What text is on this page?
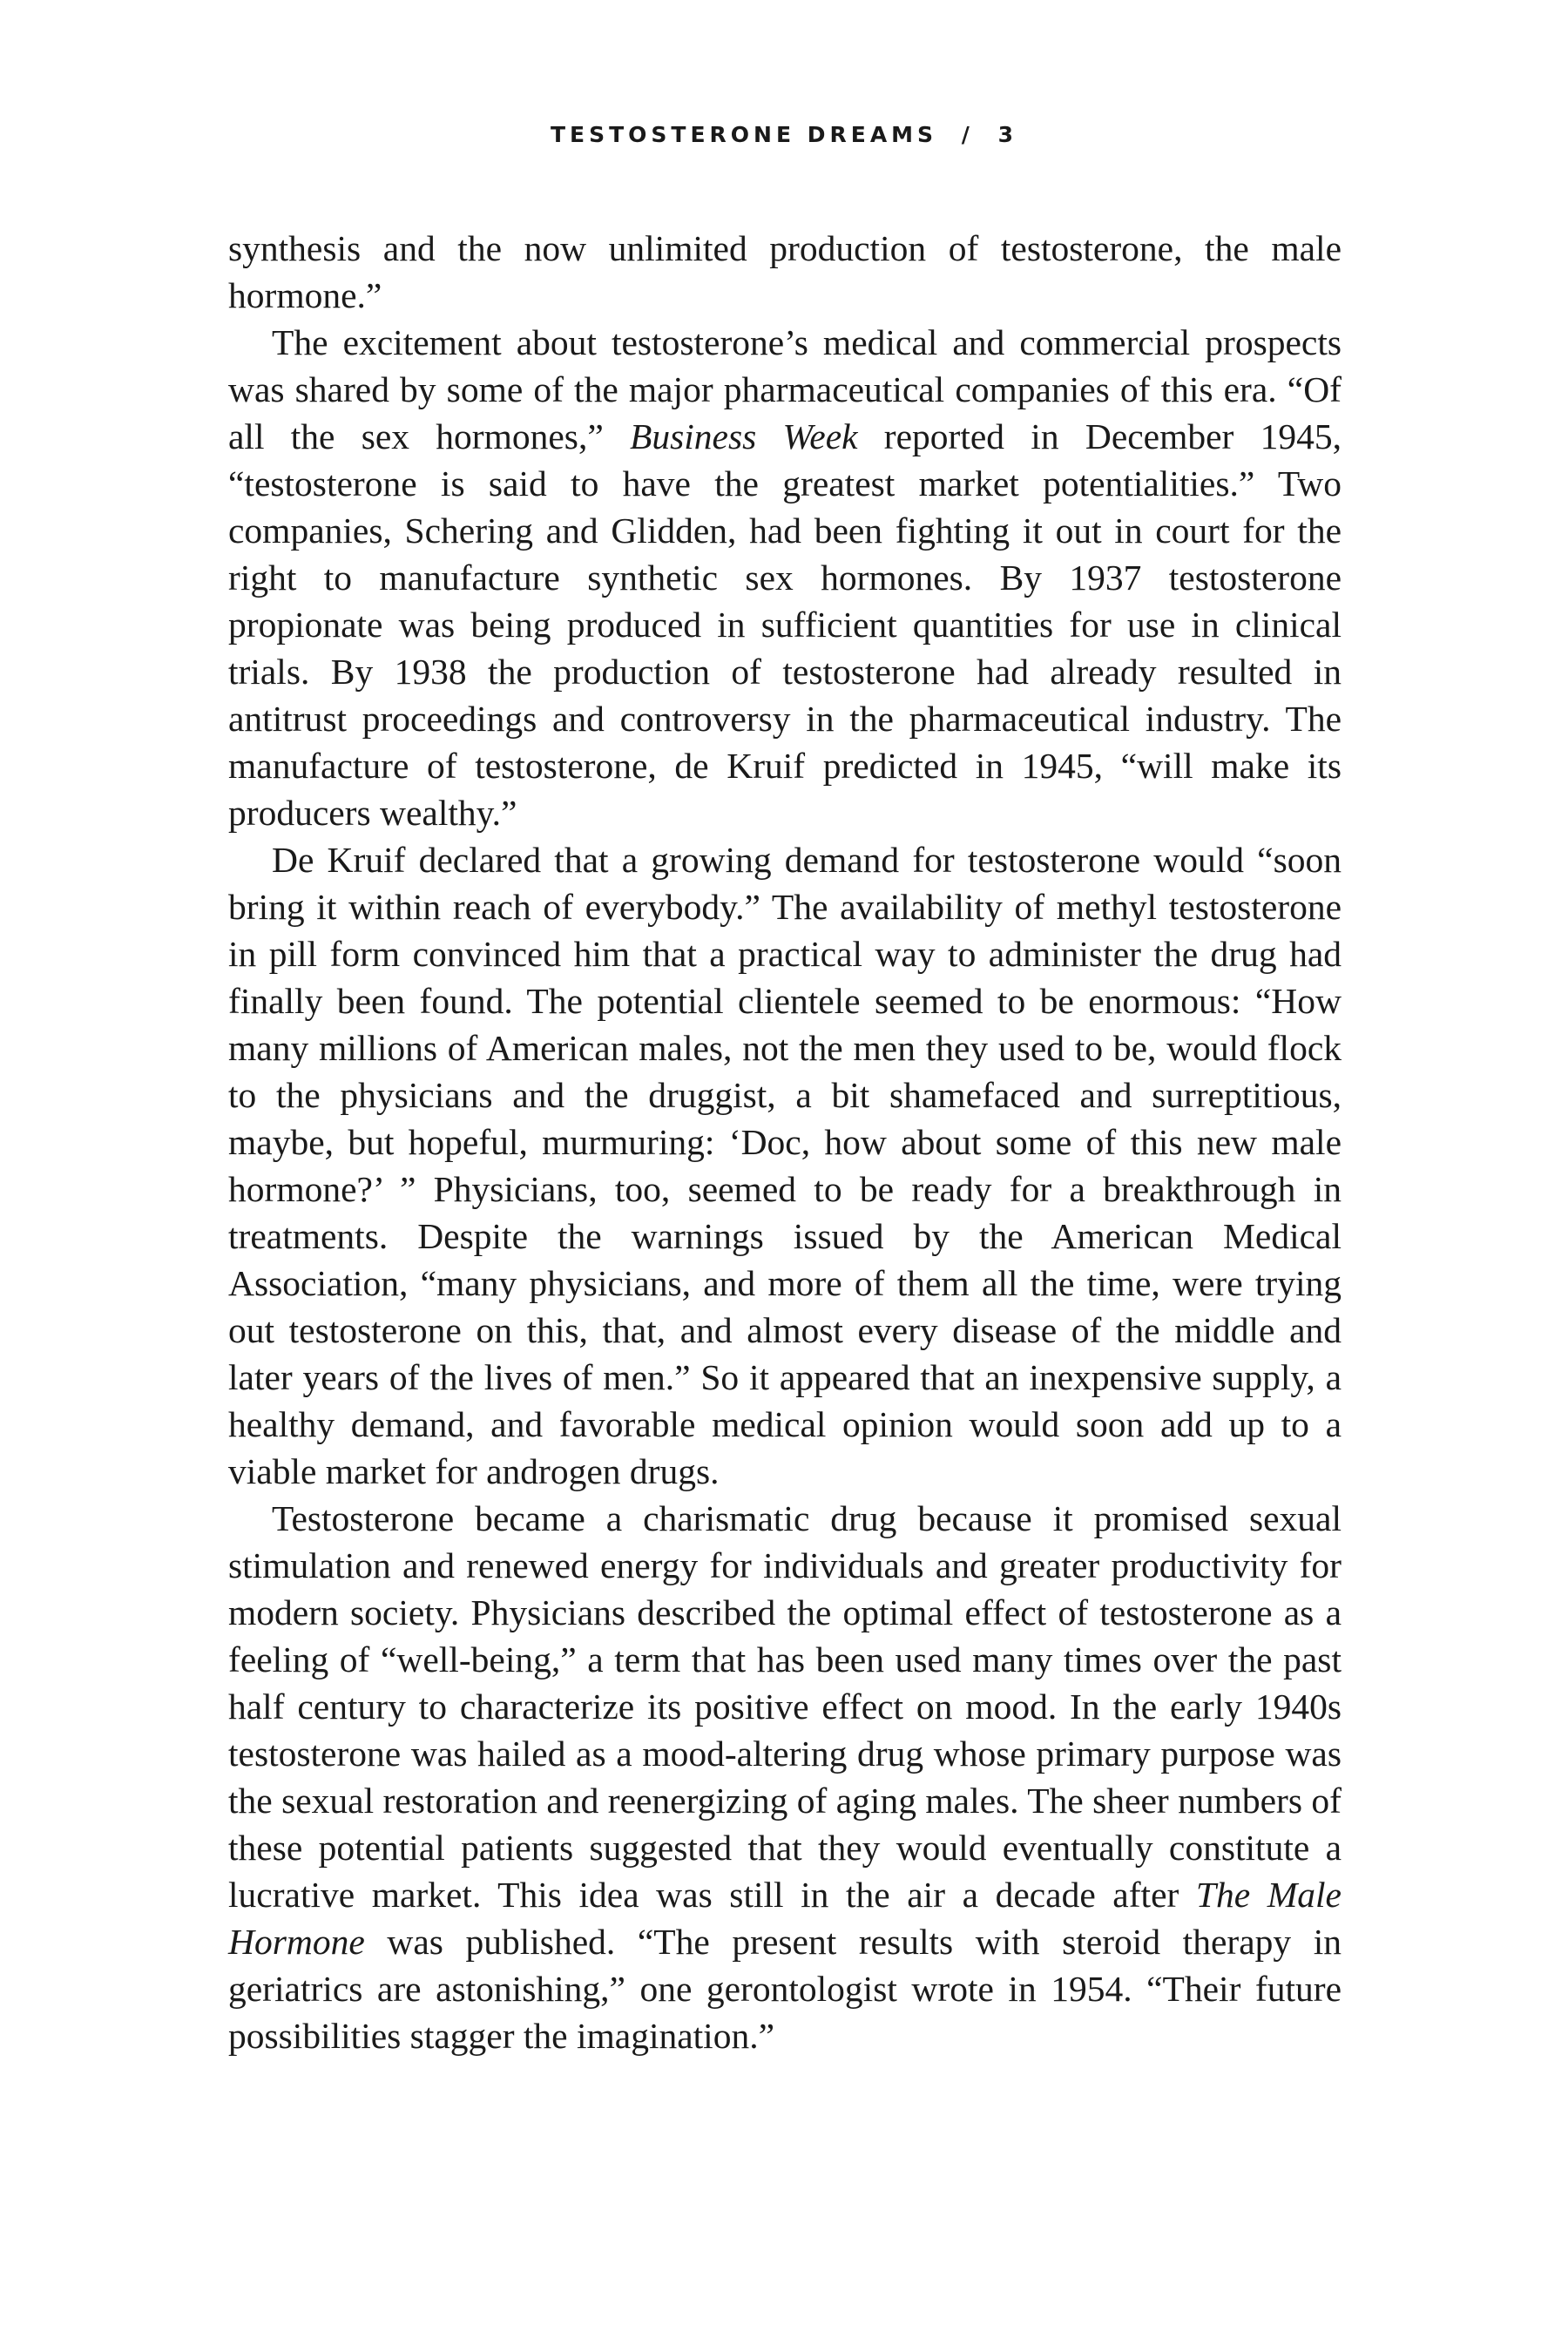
TESTOSTERONE DREAMS / 3

synthesis and the now unlimited production of testosterone, the male hormone.”

The excitement about testosterone’s medical and commercial prospects was shared by some of the major pharmaceutical companies of this era. “Of all the sex hormones,” Business Week reported in December 1945, “testosterone is said to have the greatest market potentialities.” Two companies, Schering and Glidden, had been fighting it out in court for the right to manufacture synthetic sex hormones. By 1937 testosterone propionate was being produced in sufficient quantities for use in clinical trials. By 1938 the production of testosterone had already resulted in antitrust proceedings and controversy in the pharmaceutical industry. The manufacture of testosterone, de Kruif predicted in 1945, “will make its producers wealthy.”

De Kruif declared that a growing demand for testosterone would “soon bring it within reach of everybody.” The availability of methyl testosterone in pill form convinced him that a practical way to administer the drug had finally been found. The potential clientele seemed to be enormous: “How many millions of American males, not the men they used to be, would flock to the physicians and the druggist, a bit shamefaced and surreptitious, maybe, but hopeful, murmuring: ‘Doc, how about some of this new male hormone?’ ” Physicians, too, seemed to be ready for a breakthrough in treatments. Despite the warnings issued by the American Medical Association, “many physicians, and more of them all the time, were trying out testosterone on this, that, and almost every disease of the middle and later years of the lives of men.” So it appeared that an inexpensive supply, a healthy demand, and favorable medical opinion would soon add up to a viable market for androgen drugs.

Testosterone became a charismatic drug because it promised sexual stimulation and renewed energy for individuals and greater productivity for modern society. Physicians described the optimal effect of testosterone as a feeling of “well-being,” a term that has been used many times over the past half century to characterize its positive effect on mood. In the early 1940s testosterone was hailed as a mood-altering drug whose primary purpose was the sexual restoration and reenergizing of aging males. The sheer numbers of these potential patients suggested that they would eventually constitute a lucrative market. This idea was still in the air a decade after The Male Hormone was published. “The present results with steroid therapy in geriatrics are astonishing,” one gerontologist wrote in 1954. “Their future possibilities stagger the imagination.”
